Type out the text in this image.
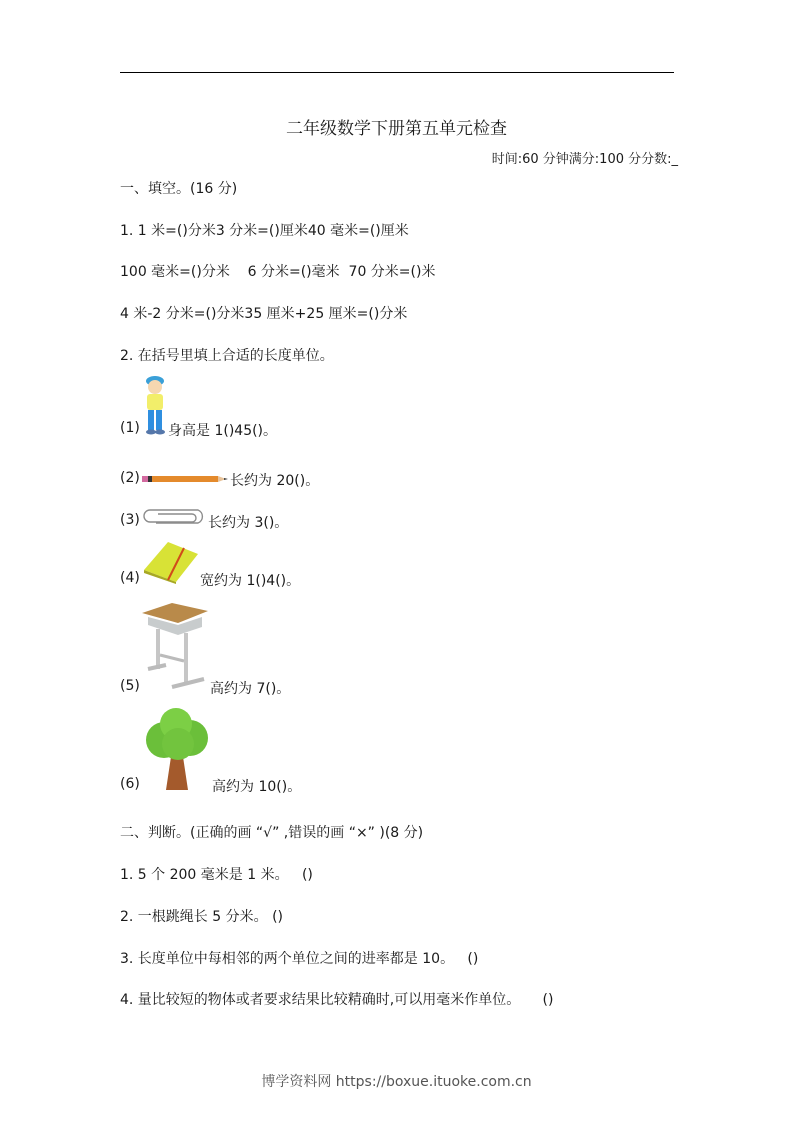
二年级数学下册第五单元检查
时间:60 分钟满分:100 分分数:_
一、填空。(16 分)
1. 1 米=()分米3 分米=()厘米40 毫米=()厘米
100 毫米=()分米    6 分米=()毫米  70 分米=()米
4 米-2 分米=()分米35 厘米+25 厘米=()分米
2. 在括号里填上合适的长度单位。
(1) 身高是 1()45()。
(2)	长约为 20()。
(3)	长约为 3()。
(4)	宽约为 1()4()。
(5)	高约为 7()。
(6)	高约为 10()。
二、判断。(正确的画 “√” ,错误的画 “×” )(8 分)
1. 5 个 200 毫米是 1 米。   ()
2. 一根跳绳长 5 分米。 ()
3. 长度单位中每相邻的两个单位之间的进率都是 10。   ()
4. 量比较短的物体或者要求结果比较精确时,可以用毫米作单位。     ()
博学资料网 https://boxue.ituoke.com.cn
